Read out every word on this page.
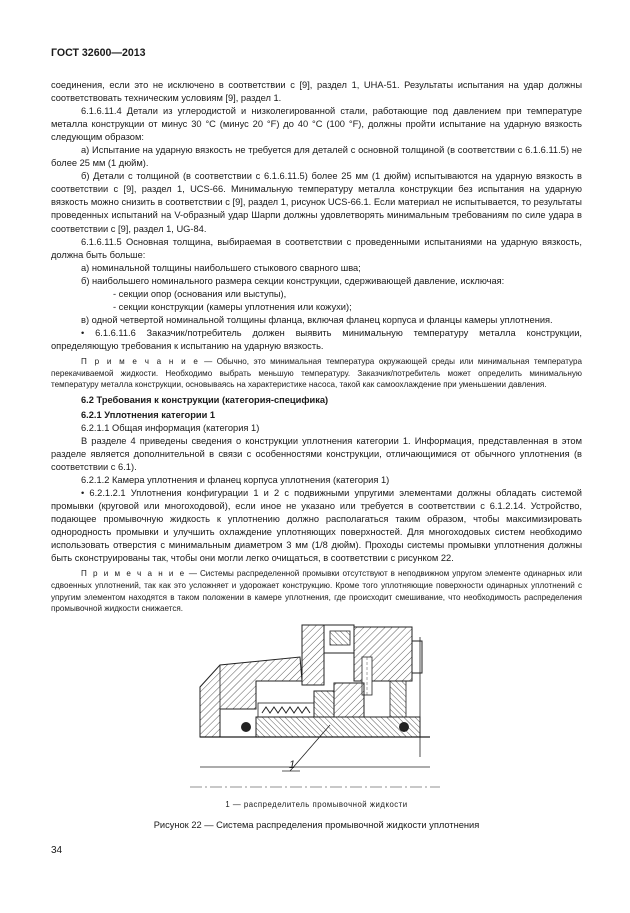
ГОСТ 32600—2013

соединения, если это не исключено в соответствии с [9], раздел 1, UHA-51. Результаты испытания на удар должны соответствовать техническим условиям [9], раздел 1.

6.1.6.11.4 Детали из углеродистой и низколегированной стали, работающие под давлением при температуре металла конструкции от минус 30 °С (минус 20 °F) до 40 °С (100 °F), должны пройти испытание на ударную вязкость следующим образом:

а) Испытание на ударную вязкость не требуется для деталей с основной толщиной (в соответствии с 6.1.6.11.5) не более 25 мм (1 дюйм).

б) Детали с толщиной (в соответствии с 6.1.6.11.5) более 25 мм (1 дюйм) испытываются на ударную вязкость в соответствии с [9], раздел 1, UCS-66. Минимальную температуру металла конструкции без испытания на ударную вязкость можно снизить в соответствии с [9], раздел 1, рисунок UCS-66.1. Если материал не испытывается, то результаты проведенных испытаний на V-образный удар Шарпи должны удовлетворять минимальным требованиям по силе удара в соответствии с [9], раздел 1, UG-84.

6.1.6.11.5 Основная толщина, выбираемая в соответствии с проведенными испытаниями на ударную вязкость, должна быть больше:

а) номинальной толщины наибольшего стыкового сварного шва;

б) наибольшего номинального размера секции конструкции, сдерживающей давление, исключая:

- секции опор (основания или выступы),

- секции конструкции (камеры уплотнения или кожухи);

в) одной четвертой номинальной толщины фланца, включая фланец корпуса и фланцы камеры уплотнения.

• 6.1.6.11.6 Заказчик/потребитель должен выявить минимальную температуру металла конструкции, определяющую требования к испытанию на ударную вязкость.

П р и м е ч а н и е — Обычно, это минимальная температура окружающей среды или минимальная температура перекачиваемой жидкости. Необходимо выбрать меньшую температуру. Заказчик/потребитель может определить минимальную температуру металла конструкции, основываясь на характеристике насоса, такой как самоохлаждение при уменьшении давления.

6.2 Требования к конструкции (категория-специфика)

6.2.1 Уплотнения категории 1

6.2.1.1 Общая информация (категория 1)

В разделе 4 приведены сведения о конструкции уплотнения категории 1. Информация, представленная в этом разделе является дополнительной в связи с особенностями конструкции, отличающимися от обычного уплотнения (в соответствии с 6.1).

6.2.1.2 Камера уплотнения и фланец корпуса уплотнения (категория 1)

• 6.2.1.2.1 Уплотнения конфигурации 1 и 2 с подвижными упругими элементами должны обладать системой промывки (круговой или многоходовой), если иное не указано или требуется в соответствии с 6.1.2.14. Устройство, подающее промывочную жидкость к уплотнению должно располагаться таким образом, чтобы максимизировать однородность промывки и улучшить охлаждение уплотняющих поверхностей. Для многоходовых систем необходимо использовать отверстия с минимальным диаметром 3 мм (1/8 дюйм). Проходы системы промывки уплотнения должны быть сконструированы так, чтобы они могли легко очищаться, в соответствии с рисунком 22.

П р и м е ч а н и е — Системы распределенной промывки отсутствуют в неподвижном упругом элементе одинарных или сдвоенных уплотнений, так как это усложняет и удорожает конструкцию. Кроме того уплотняющие поверхности одинарных уплотнений с упругим элементом находятся в таком положении в камере уплотнения, где происходит смешивание, что необходимость распределения промывочной жидкости снижается.

1
1 — распределитель промывочной жидкости
Рисунок 22 — Система распределения промывочной жидкости уплотнения
34
